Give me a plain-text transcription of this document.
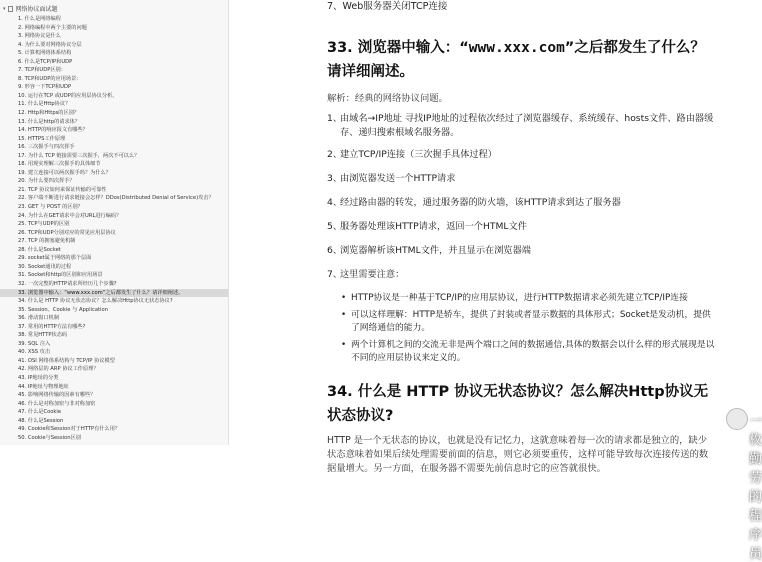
▾ 网络协议面试题
1. 什么是网络编程
2. 网络编程中两个主要的问题
3. 网络协议是什么
4. 为什么要对网络协议分层
5. 计算机网络体系结构
6. 什么是TCP/IP和UDP
7. TCP和UDP区别：
8. TCP和UDP的应用场景：
9. 形容一下TCP和UDP
10. 运行在TCP 或UDP的应用层协议分析。
11. 什么是Http协议？
12. Http和Https的区别？
13. 什么是http的请求体？
14. HTTP的响应报文有哪些？
15. HTTPS工作原理
16. 三次握手与四次挥手
17. 为什么 TCP 链接需要三次握手，两次不可以么？
18. 用现实理解三次握手的具体细节
19. 建立连接可以两次握手吗？为什么？
20. 为什么要四次挥手？
21. TCP 协议如何来保证传输的可靠性
22. 客户端不断进行请求链接会怎样？DDos(Distributed Denial of Service)攻击？
23. GET 与 POST 的区别？
24. 为什么在GET请求中会对URL进行编码？
25. TCP与UDP的区别
26. TCP和UDP分别对应的常见应用层协议
27. TCP 的拥塞避免机制
28. 什么是Socket
29. socket属于网络的那个层面
30. Socket通讯的过程
31. Socket和http的区别和应用场景
32. 一次完整的HTTP请求所经历几个步骤?
33. 浏览器中输入：“www.xxx.com”之后都发生了什么？请详细阐述。
34. 什么是 HTTP 协议无状态协议？怎么解决Http协议无状态协议?
35. Session、Cookie 与 Application
36. 滑动窗口机制
37. 常用的HTTP方法有哪些?
38. 常见HTTP状态码
39. SQL 注入
40. XSS 攻击
41. OSI 网络体系结构与 TCP/IP 协议模型
42. 网络层的 ARP 协议工作原理？
43. IP地址的分类
44. IP地址与物理地址
45. 影响网络传输的因素有哪些？
46. 什么是对称加密与非对称加密
47. 什么是Cookie
48. 什么是Session
49. Cookie和Session对于HTTP有什么用？
50. Cookie与Session区别
7、Web服务器关闭TCP连接
33. 浏览器中输入：“www.xxx.com”之后都发生了什么？请详细阐述。
解析：经典的网络协议问题。
1、
由域名→IP地址 寻找IP地址的过程依次经过了浏览器缓存、系统缓存、hosts文件、路由器缓存、递归搜索根域名服务器。
2、
建立TCP/IP连接（三次握手具体过程）
3、
由浏览器发送一个HTTP请求
4、
经过路由器的转发，通过服务器的防火墙，该HTTP请求到达了服务器
5、
服务器处理该HTTP请求，返回一个HTML文件
6、
浏览器解析该HTML文件，并且显示在浏览器端
7、
这里需要注意：
• HTTP协议是一种基于TCP/IP的应用层协议，进行HTTP数据请求必须先建立TCP/IP连接
• 可以这样理解：HTTP是轿车，提供了封装或者显示数据的具体形式；Socket是发动机，提供了网络通信的能力。
• 两个计算机之间的交流无非是两个端口之间的数据通信,具体的数据会以什么样的形式展现是以不同的应用层协议来定义的。
34. 什么是 HTTP 协议无状态协议？怎么解决Http协议无状态协议?
HTTP 是一个无状态的协议，也就是没有记忆力，这就意味着每一次的请求都是独立的，缺少状态意味着如果后续处理需要前面的信息，则它必须要重传，这样可能导致每次连接传送的数据量增大。另一方面，在服务器不需要先前信息时它的应答就很快。
一枚勤劳的程序员
